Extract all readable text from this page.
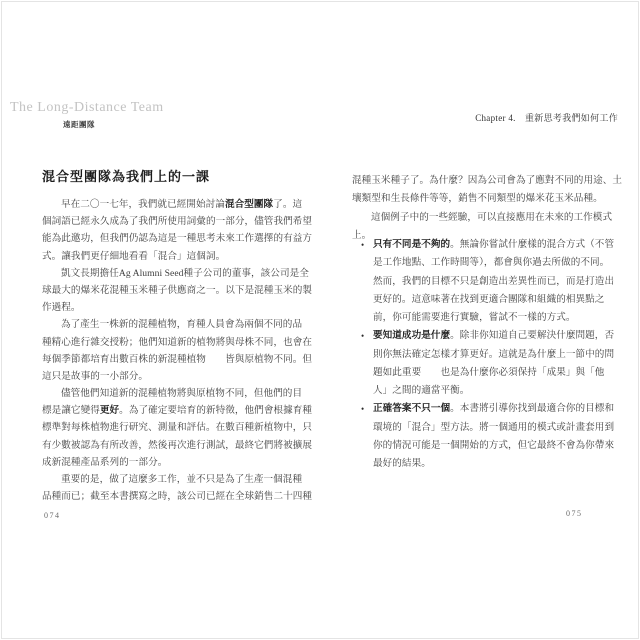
The Long-Distance Team
遠距團隊
Chapter 4.　重新思考我們如何工作
混合型團隊為我們上的一課
早在二〇一七年，我們就已經開始討論混合型團隊了。這
個詞語已經永久成為了我們所使用詞彙的一部分，儘管我們希望
能為此邀功，但我們仍認為這是一種思考未來工作選擇的有益方
式。讓我們更仔細地看看「混合」這個詞。
凱文長期擔任Ag Alumni Seed種子公司的董事，該公司是全
球最大的爆米花混種玉米種子供應商之一。以下是混種玉米的製
作過程。
為了產生一株新的混種植物，育種人員會為兩個不同的品
種精心進行雜交授粉；他們知道新的植物將與母株不同，也會在
每個季節都培育出數百株的新混種植物　　皆與原植物不同。但
這只是故事的一小部分。
儘管他們知道新的混種植物將與原植物不同，但他們的目
標是讓它變得更好。為了確定要培育的新特徵，他們會根據育種
標準對每株植物進行研究、測量和評估。在數百種新植物中，只
有少數被認為有所改善，然後再次進行測試，最終它們將被擴展
成新混種產品系列的一部分。
重要的是，做了這麼多工作，並不只是為了生產一個混種
品種而已；截至本書撰寫之時，該公司已經在全球銷售二十四種
混種玉米種子了。為什麼？因為公司會為了應對不同的用途、土
壤類型和生長條件等等，銷售不同類型的爆米花玉米品種。
這個例子中的一些經驗，可以直接應用在未來的工作模式
上。
• 只有不同是不夠的。無論你嘗試什麼樣的混合方式（不管
是工作地點、工作時間等），都會與你過去所做的不同。
然而，我們的目標不只是創造出差異性而已，而是打造出
更好的。這意味著在找到更適合團隊和組織的相異點之
前，你可能需要進行實驗，嘗試不一樣的方式。
• 要知道成功是什麼。除非你知道自己要解決什麼問題，否
則你無法確定怎樣才算更好。這就是為什麼上一節中的問
題如此重要　　也是為什麼你必須保持「成果」與「他
人」之間的適當平衡。
• 正確答案不只一個。本書將引導你找到最適合你的目標和
環境的「混合」型方法。將一個通用的模式或計畫套用到
你的情況可能是一個開始的方式，但它最終不會為你帶來
最好的結果。
074	075
